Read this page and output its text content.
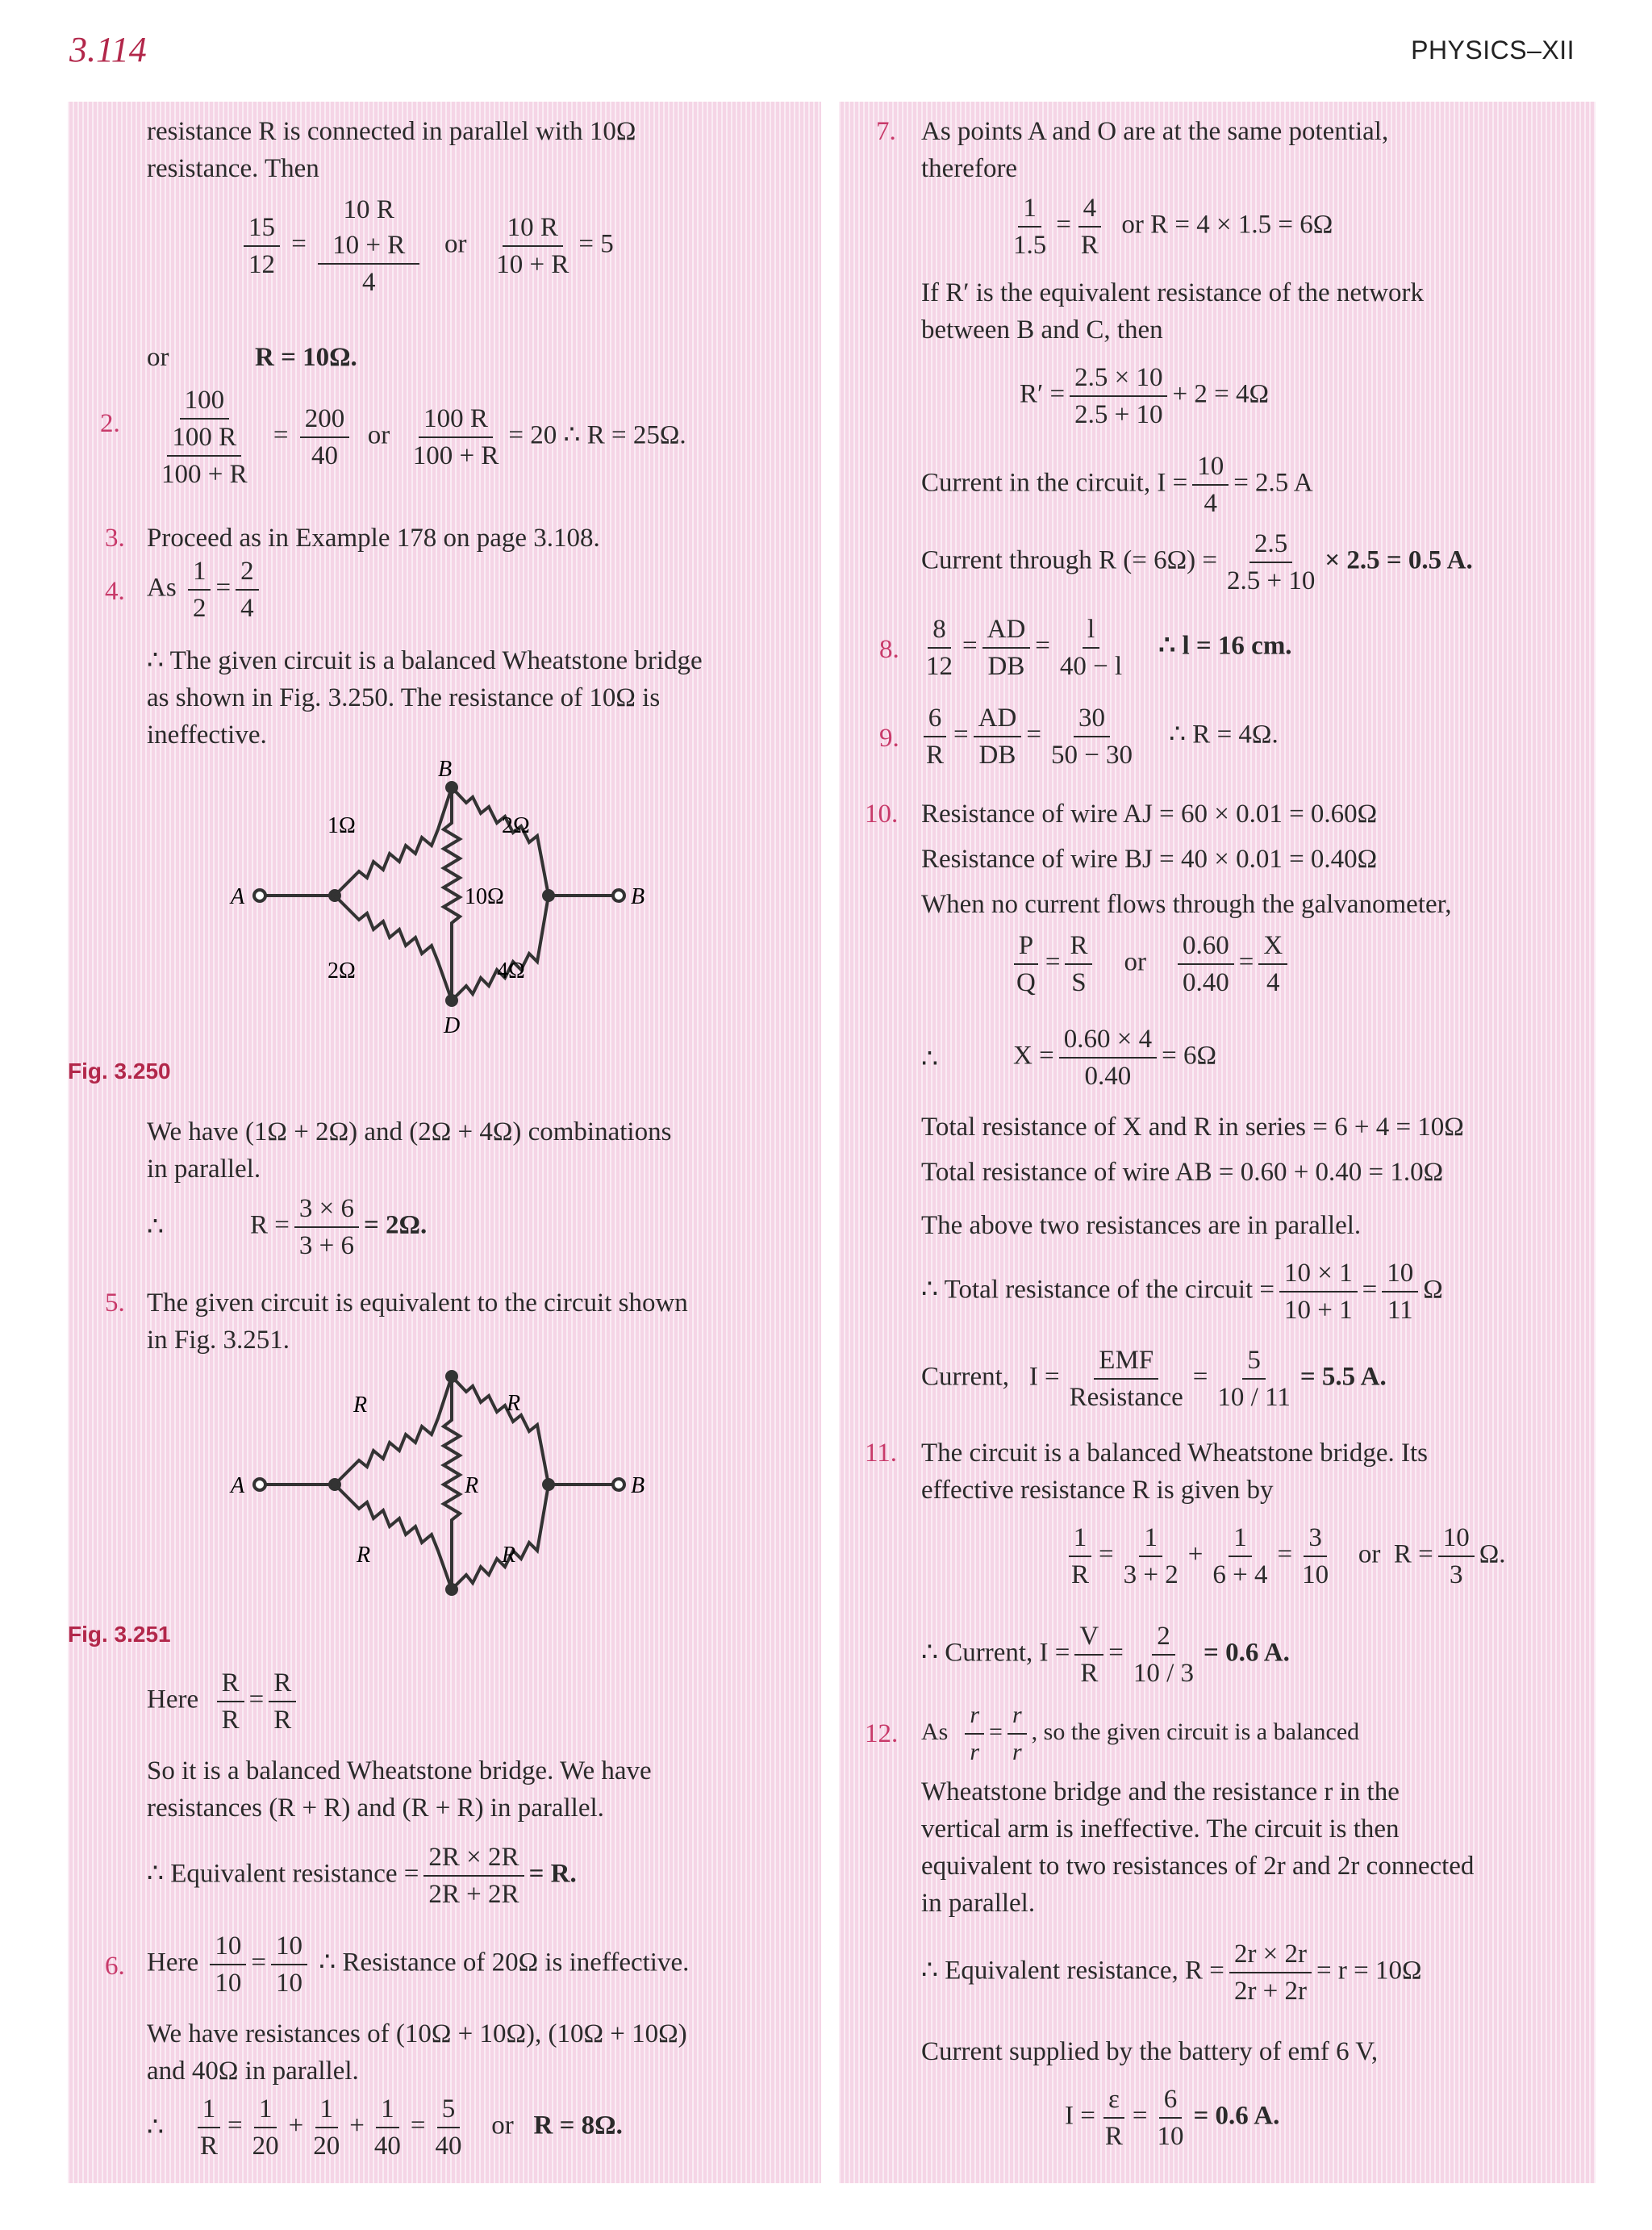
3.114	PHYSICS–XII
resistance R is connected in parallel with 10Ω
resistance. Then
$\frac{15}{12} = 10$ R
10 + R
4 or $\frac{10 R}{10 + R} = 5$
or	R = 10Ω.
2. $\frac{100}{\frac{100 R}{100 + R}} = \frac{200}{40}$ or $\frac{100 R}{100 + R} = 20$ ∴ R = 25Ω.
3. Proceed as in Example 178 on page 3.108.
4. As $\frac{1}{2} = \frac{2}{4}$
∴ The given circuit is a balanced Wheatstone bridge
as shown in Fig. 3.250. The resistance of 10Ω is
ineffective.
B
D
A	B
1Ω	2Ω
2Ω	4Ω
10Ω
Fig. 3.250
We have (1Ω + 2Ω) and (2Ω + 4Ω) combinations
in parallel.
∴	$R = \frac{3 \times 6}{3 + 6} = 2\Omega$.
5. The given circuit is equivalent to the circuit shown
in Fig. 3.251.
A	B
R	R
R
R	R
Fig. 3.251
Here $\frac{R}{R} = \frac{R}{R}$
So it is a balanced Wheatstone bridge. We have
resistances (R + R) and (R + R) in parallel.
∴ Equivalent resistance = $\frac{2R \times 2R}{2R + 2R} = R$.
6. Here $\frac{10}{10} = \frac{10}{10}$ ∴ Resistance of 20Ω is ineffective.
We have resistances of (10Ω + 10Ω), (10Ω + 10Ω)
and 40Ω in parallel.
∴ $\frac{1}{R} = \frac{1}{20} + \frac{1}{20} + \frac{1}{40} = \frac{5}{40}$ or R = 8Ω.
7. As points A and O are at the same potential,
therefore
$\frac{1}{1.5} = \frac{4}{R}$ or R = 4 × 1.5 = 6Ω
If R′ is the equivalent resistance of the network
between B and C, then
$R' = \frac{2.5 \times 10}{2.5 + 10} + 2 = 4\Omega$
Current in the circuit, $I = \frac{10}{4} = 2.5$ A
Current through R (= $6\Omega) = \frac{2.5}{2.5 + 10} \times 2.5 = 0.5$ A.
8. $\frac{8}{12} = \frac{AD}{DB} = \frac{l}{40 - l}$ ∴ l = 16 cm.
9. $\frac{6}{R} = \frac{AD}{DB} = \frac{30}{50 - 30}$ ∴ R = 4Ω.
10. Resistance of wire AJ = 60 × 0.01 = 0.60Ω
Resistance of wire BJ = 40 × 0.01 = 0.40Ω
When no current flows through the galvanometer,
$\frac{P}{Q} = \frac{R}{S}$ or $\frac{0.60}{0.40} = \frac{X}{4}$
∴	$X = \frac{0.60 \times 4}{0.40} = 6\Omega$
Total resistance of X and R in series = 6 + 4 = 10Ω
Total resistance of wire AB = 0.60 + 0.40 = 1.0Ω
The above two resistances are in parallel.
∴ Total resistance of the circuit = $\frac{10 \times 1}{10 + 1} = \frac{10}{11}$ Ω
Current, $I = \frac{\text{EMF}}{\text{Resistance}} = \frac{5}{10 / 11} = 5.5$ A.
11. The circuit is a balanced Wheatstone bridge. Its
effective resistance R is given by
$\frac{1}{R} = \frac{1}{3 + 2} + \frac{1}{6 + 4} = \frac{3}{10}$ or $R = \frac{10}{3} \Omega$.
∴ Current, $I = \frac{V}{R} = \frac{2}{10 / 3} = 0.6$ A.
12. As $\frac{r}{r} = \frac{r}{r}$ , so the given circuit is a balanced
Wheatstone bridge and the resistance r in the
vertical arm is ineffective. The circuit is then
equivalent to two resistances of 2r and 2r connected
in parallel.
∴ Equivalent resistance, $R = \frac{2r \times 2r}{2r + 2r} = r = 10\Omega$
Current supplied by the battery of emf 6 V,
$I = \frac{\varepsilon}{R} = \frac{6}{10} = 0.6$ A.
